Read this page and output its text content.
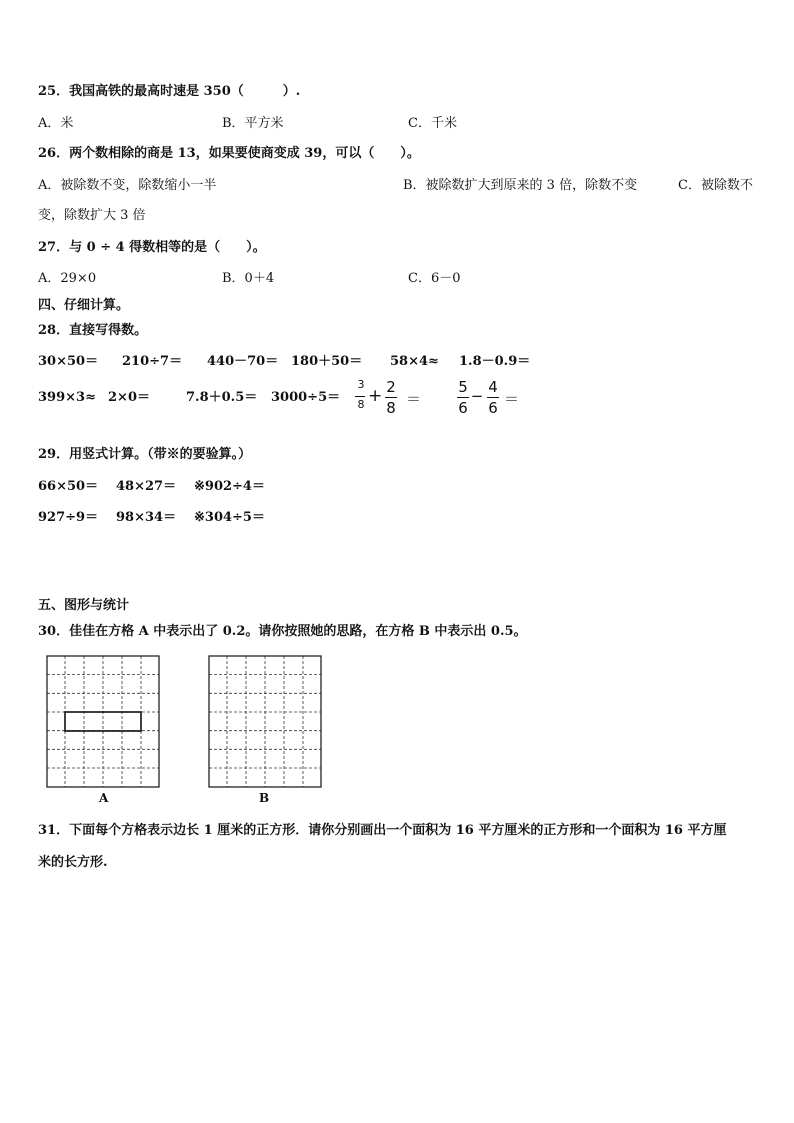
25．我国高铁的最高时速是 350（　　　）.
A．米	B．平方米	C．千米
26．两个数相除的商是 13，如果要使商变成 39，可以（　　）。
A．被除数不变，除数缩小一半	B．被除数扩大到原来的 3 倍，除数不变	C．被除数不
变，除数扩大 3 倍
27．与 0 ÷ 4 得数相等的是（　　）。
A．29×0	B．0＋4	C．6－0
四、仔细计算。
28．直接写得数。
30×50＝ 210÷7＝ 440－70＝ 180＋50＝ 58×4≈ 1.8－0.9＝
399×3≈ 2×0＝	7.8＋0.5＝ 3000÷5＝
3
8 + 2
8 ＝
5
6
− 4
6 ＝
29．用竖式计算。（带※的要验算。）
66×50＝ 48×27＝ ※902÷4＝
927÷9＝ 98×34＝ ※304÷5＝
五、图形与统计
30．佳佳在方格 A 中表示出了 0.2。请你按照她的思路，在方格 B 中表示出 0.5。
A	B
31．下面每个方格表示边长 1 厘米的正方形．请你分别画出一个面积为 16 平方厘米的正方形和一个面积为 16 平方厘
米的长方形.
